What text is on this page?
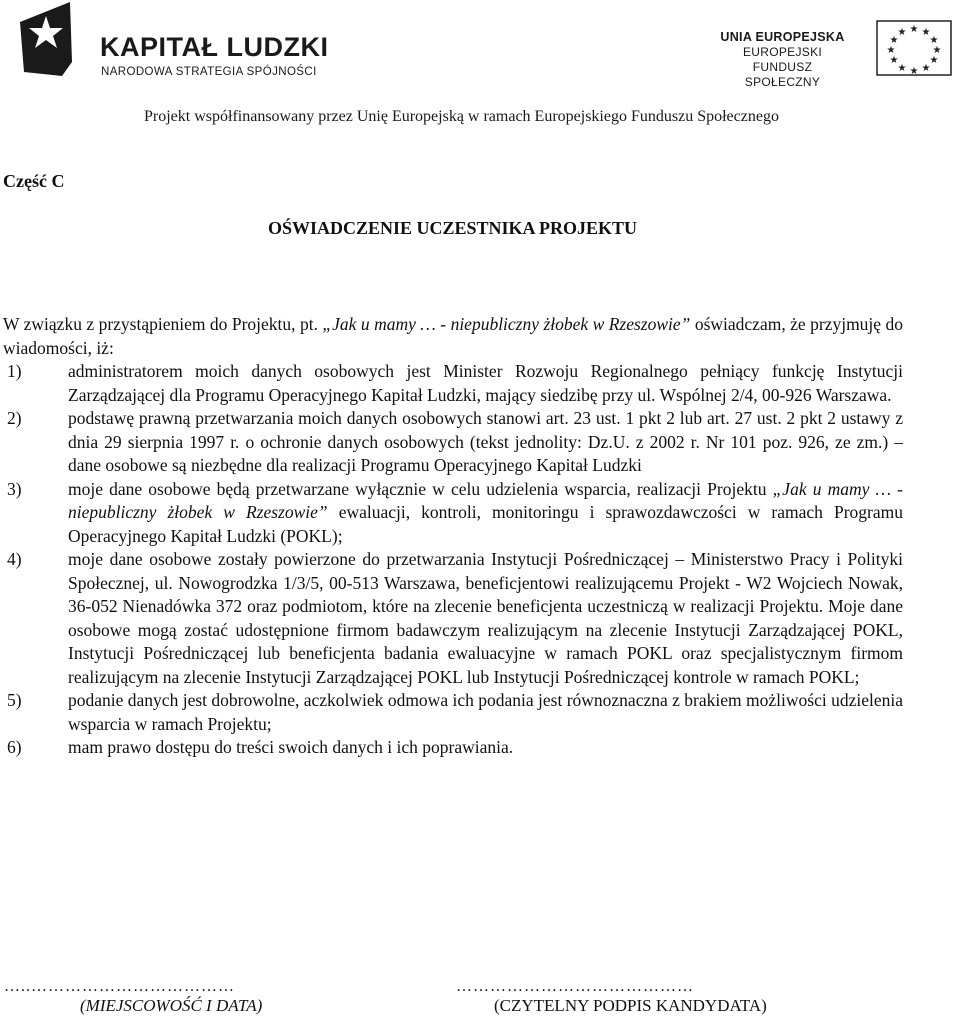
KAPITAŁ LUDZKI
NARODOWA STRATEGIA SPÓJNOŚCI
UNIA EUROPEJSKA
EUROPEJSKI
FUNDUSZ SPOŁECZNY
★ ★
★
★
★
★
★
★
★
★
★
★
Projekt współfinansowany przez Unię Europejską w ramach Europejskiego Funduszu Społecznego
Część C
OŚWIADCZENIE UCZESTNIKA PROJEKTU
W związku z przystąpieniem do Projektu, pt. „Jak u mamy … - niepubliczny żłobek w Rzeszowie” oświadczam, że przyjmuję do wiadomości, iż:
1)	administratorem moich danych osobowych jest Minister Rozwoju Regionalnego pełniący funkcję Instytucji Zarządzającej dla Programu Operacyjnego Kapitał Ludzki, mający siedzibę przy ul. Wspólnej 2/4, 00-926 Warszawa.
2)	podstawę prawną przetwarzania moich danych osobowych stanowi art. 23 ust. 1 pkt 2 lub art. 27 ust. 2 pkt 2 ustawy z dnia 29 sierpnia 1997 r. o ochronie danych osobowych (tekst jednolity: Dz.U. z 2002 r. Nr 101 poz. 926, ze zm.) – dane osobowe są niezbędne dla realizacji Programu Operacyjnego Kapitał Ludzki
3)	moje dane osobowe będą przetwarzane wyłącznie w celu udzielenia wsparcia, realizacji Projektu „Jak u mamy … - niepubliczny żłobek w Rzeszowie” ewaluacji, kontroli, monitoringu i sprawozdawczości w ramach Programu Operacyjnego Kapitał Ludzki (POKL);
4)	moje dane osobowe zostały powierzone do przetwarzania Instytucji Pośredniczącej – Ministerstwo Pracy i Polityki Społecznej, ul. Nowogrodzka 1/3/5, 00-513 Warszawa, beneficjentowi realizującemu Projekt - W2 Wojciech Nowak, 36-052 Nienadówka 372 oraz podmiotom, które na zlecenie beneficjenta uczestniczą w realizacji Projektu. Moje dane osobowe mogą zostać udostępnione firmom badawczym realizującym na zlecenie Instytucji Zarządzającej POKL, Instytucji Pośredniczącej lub beneficjenta badania ewaluacyjne w ramach POKL oraz specjalistycznym firmom realizującym na zlecenie Instytucji Zarządzającej POKL lub Instytucji Pośredniczącej kontrole w ramach POKL;
5)	podanie danych jest dobrowolne, aczkolwiek odmowa ich podania jest równoznaczna z brakiem możliwości udzielenia wsparcia w ramach Projektu;
6)	mam prawo dostępu do treści swoich danych i ich poprawiania.
…..………………………………
(MIEJSCOWOŚĆ I DATA)
……………………………………
(CZYTELNY PODPIS KANDYDATA)
